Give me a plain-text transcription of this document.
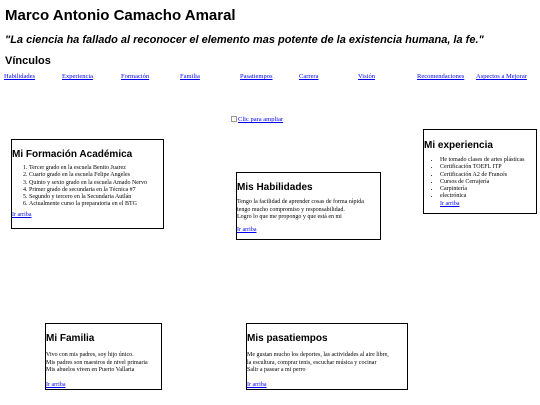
Marco Antonio Camacho Amaral
"La ciencia ha fallado al reconocer el elemento mas potente de la existencia humana, la fe."
Vínculos
Habilidades	Experiencia	Formación	Familia	Pasatiempos	Carrera	Visión	Recomendaciones Aspectos a Mejorar
Clic para ampliar
Mi Formación Académica
1. Tercer grado en la escuela Benito Juarez
2. Cuarto grado en la escuela Felipe Angeles
3. Quinto y sexto grado en la escuela Amado Nervo
4. Primer grado de secundaria en la Técnica #7
5. Segundo y tercero en la Secundaria Autlán
6. Actualmente curso la preparatoria en el BTG
Ir arriba
Mis Habilidades

Tengo la facilidad de aprender cosas de forma rápida

tengo mucho compromiso y responsabilidad.

Logro lo que me propongo y que está en mi

Ir arriba
Mi experiencia
• He tomado clases de artes plásticas
• Certificación TOEFL ITP
• Certificación A2 de Francés
• Cursos de Cerrajería
• Carpintería
• electrónica
Ir arriba
Mi Familia

Vivo con mis padres, soy hijo único.

Mis padres son maestros de nivel primaria

Mis abuelos viven en Puerto Vallarta

Ir arriba
Mis pasatiempos

Me gustan mucho los deportes, las actividades al aire libre,

la escultura, comprar tenis, escuchar música y cocinar

Salir a pasear a mi perro

Ir arriba
